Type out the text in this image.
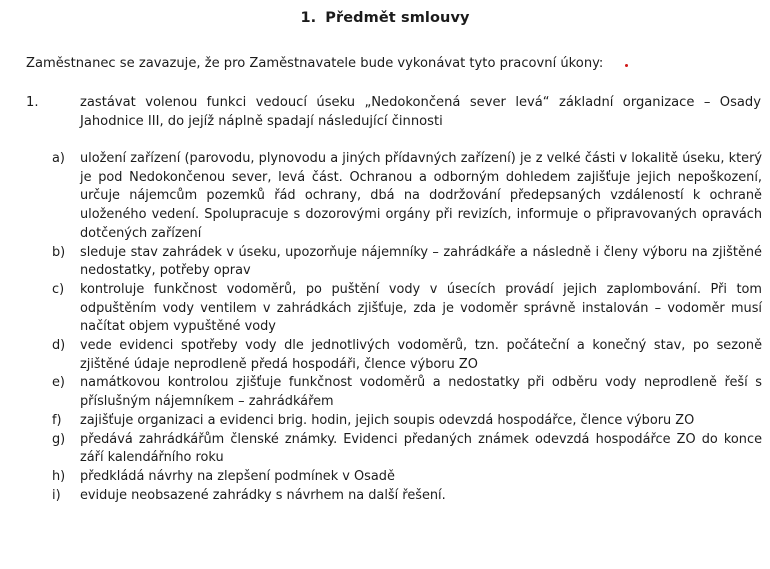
1. Předmět smlouvy
Zaměstnanec se zavazuje, že pro Zaměstnavatele bude vykonávat tyto pracovní úkony:
1.	zastávat volenou funkci vedoucí úseku „Nedokončená sever levá“ základní organizace – Osady Jahodnice III, do jejíž náplně spadají následující činnosti
a) uložení zařízení (parovodu, plynovodu a jiných přídavných zařízení) je z velké části v lokalitě úseku, který je pod Nedokončenou sever, levá část. Ochranou a odborným dohledem zajišťuje jejich nepoškození, určuje nájemcům pozemků řád ochrany, dbá na dodržování předepsaných vzdáleností k ochraně uloženého vedení. Spolupracuje s dozorovými orgány při revizích, informuje o připravovaných opravách dotčených zařízení
b) sleduje stav zahrádek v úseku, upozorňuje nájemníky – zahrádkáře a následně i členy výboru na zjištěné nedostatky, potřeby oprav
c) kontroluje funkčnost vodoměrů, po puštění vody v úsecích provádí jejich zaplombování. Při tom odpuštěním vody ventilem v zahrádkách zjišťuje, zda je vodoměr správně instalován – vodoměr musí načítat objem vypuštěné vody
d) vede evidenci spotřeby vody dle jednotlivých vodoměrů, tzn. počáteční a konečný stav, po sezoně zjištěné údaje neprodleně předá hospodáři, člence výboru ZO
e) namátkovou kontrolou zjišťuje funkčnost vodoměrů a nedostatky při odběru vody neprodleně řeší s příslušným nájemníkem – zahrádkářem
f) zajišťuje organizaci a evidenci brig. hodin, jejich soupis odevzdá hospodářce, člence výboru ZO
g) předává zahrádkářům členské známky. Evidenci předaných známek odevzdá hospodářce ZO do konce září kalendářního roku
h) předkládá návrhy na zlepšení podmínek v Osadě
i) eviduje neobsazené zahrádky s návrhem na další řešení.
